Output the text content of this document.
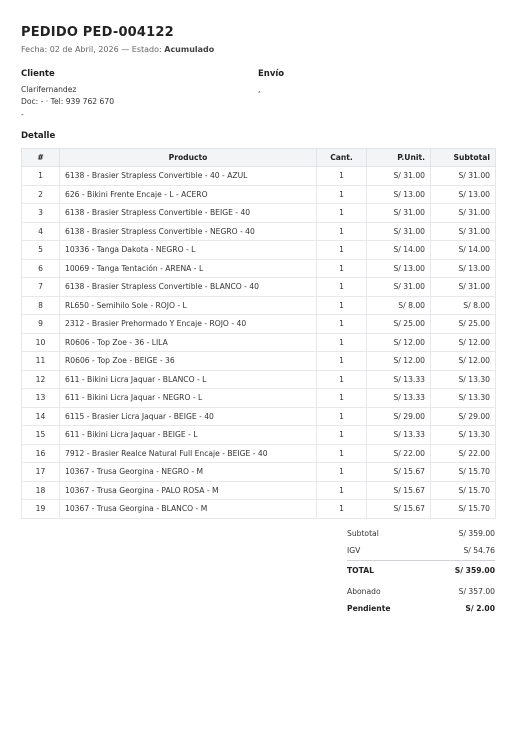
PEDIDO PED-004122
Fecha: 02 de Abril, 2026 — Estado: Acumulado
Cliente
Clarifernandez
Doc: - · Tel: 939 762 670
-
Envío
,
Detalle
#	Producto	Cant.	P.Unit.	Subtotal
1	6138 - Brasier Strapless Convertible - 40 - AZUL	1	S/ 31.00	S/ 31.00
2	626 - Bikini Frente Encaje - L - ACERO	1	S/ 13.00	S/ 13.00
3	6138 - Brasier Strapless Convertible - BEIGE - 40	1	S/ 31.00	S/ 31.00
4	6138 - Brasier Strapless Convertible - NEGRO - 40	1	S/ 31.00	S/ 31.00
5	10336 - Tanga Dakota - NEGRO - L	1	S/ 14.00	S/ 14.00
6	10069 - Tanga Tentación - ARENA - L	1	S/ 13.00	S/ 13.00
7	6138 - Brasier Strapless Convertible - BLANCO - 40	1	S/ 31.00	S/ 31.00
8	RL650 - Semihilo Sole - ROJO - L	1	S/ 8.00	S/ 8.00
9	2312 - Brasier Prehormado Y Encaje - ROJO - 40	1	S/ 25.00	S/ 25.00
10	R0606 - Top Zoe - 36 - LILA	1	S/ 12.00	S/ 12.00
11	R0606 - Top Zoe - BEIGE - 36	1	S/ 12.00	S/ 12.00
12	611 - Bikini Licra Jaquar - BLANCO - L	1	S/ 13.33	S/ 13.30
13	611 - Bikini Licra Jaquar - NEGRO - L	1	S/ 13.33	S/ 13.30
14	6115 - Brasier Licra Jaquar - BEIGE - 40	1	S/ 29.00	S/ 29.00
15	611 - Bikini Licra Jaquar - BEIGE - L	1	S/ 13.33	S/ 13.30
16	7912 - Brasier Realce Natural Full Encaje - BEIGE - 40	1	S/ 22.00	S/ 22.00
17	10367 - Trusa Georgina - NEGRO - M	1	S/ 15.67	S/ 15.70
18	10367 - Trusa Georgina - PALO ROSA - M	1	S/ 15.67	S/ 15.70
19	10367 - Trusa Georgina - BLANCO - M	1	S/ 15.67	S/ 15.70
Subtotal	S/ 359.00
IGV	S/ 54.76
TOTAL	S/ 359.00
Abonado	S/ 357.00
Pendiente	S/ 2.00
